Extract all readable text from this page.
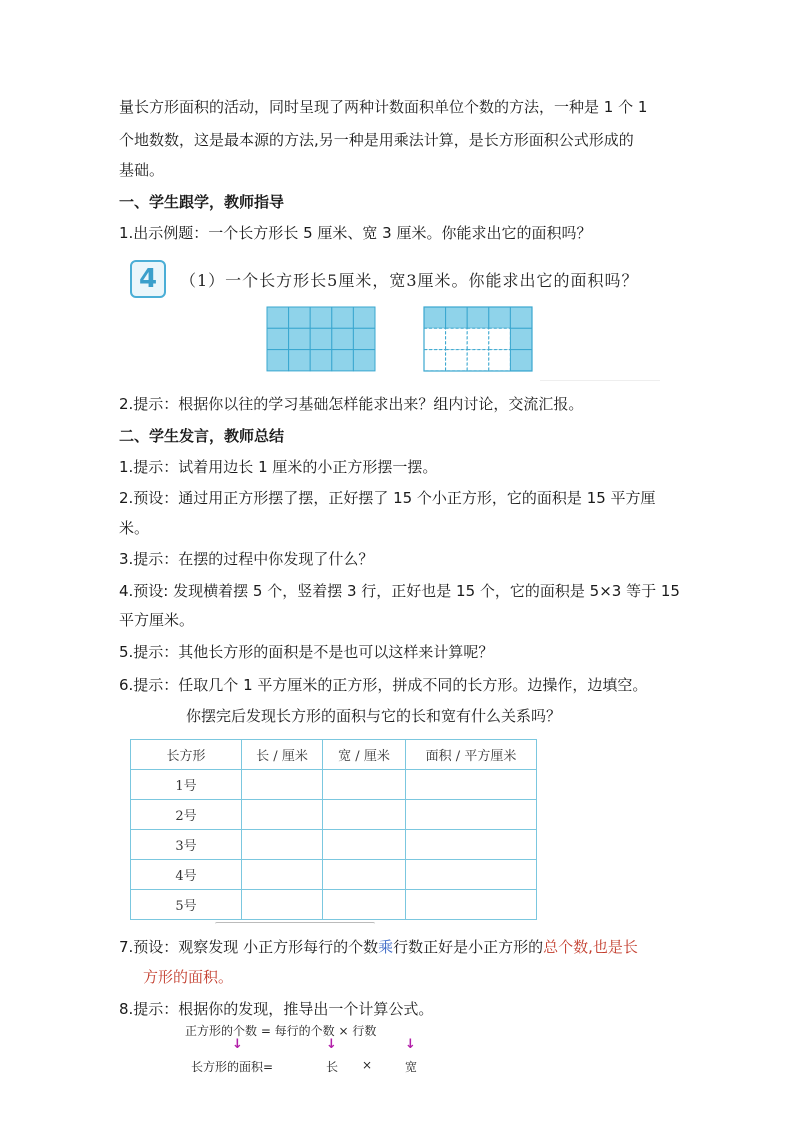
量长方形面积的活动，同时呈现了两种计数面积单位个数的方法，一种是 1 个 1
个地数数，这是最本源的方法,另一种是用乘法计算，是长方形面积公式形成的
基础。
一、学生跟学，教师指导
1.出示例题：一个长方形长 5 厘米、宽 3 厘米。你能求出它的面积吗？
4	（1）一个长方形长5厘米，宽3厘米。你能求出它的面积吗？
2.提示：根据你以往的学习基础怎样能求出来？组内讨论，交流汇报。
二、学生发言，教师总结
1.提示：试着用边长 1 厘米的小正方形摆一摆。
2.预设：通过用正方形摆了摆，正好摆了 15 个小正方形，它的面积是 15 平方厘
米。
3.提示：在摆的过程中你发现了什么？
4.预设: 发现横着摆 5 个，竖着摆 3 行，正好也是 15 个，它的面积是 5×3 等于 15
平方厘米。
5.提示：其他长方形的面积是不是也可以这样来计算呢？
6.提示：任取几个 1 平方厘米的正方形，拼成不同的长方形。边操作，边填空。
你摆完后发现长方形的面积与它的长和宽有什么关系吗？
长方形	长 / 厘米	宽 / 厘米	面积 / 平方厘米
1号			
2号			
3号			
4号			
5号			
7.预设：观察发现 小正方形每行的个数乘行数正好是小正方形的总个数,也是长
方形的面积。
8.提示：根据你的发现，推导出一个计算公式。
正方形的个数 = 每行的个数 × 行数
↓	↓	↓
长方形的面积=	长 ×	宽
